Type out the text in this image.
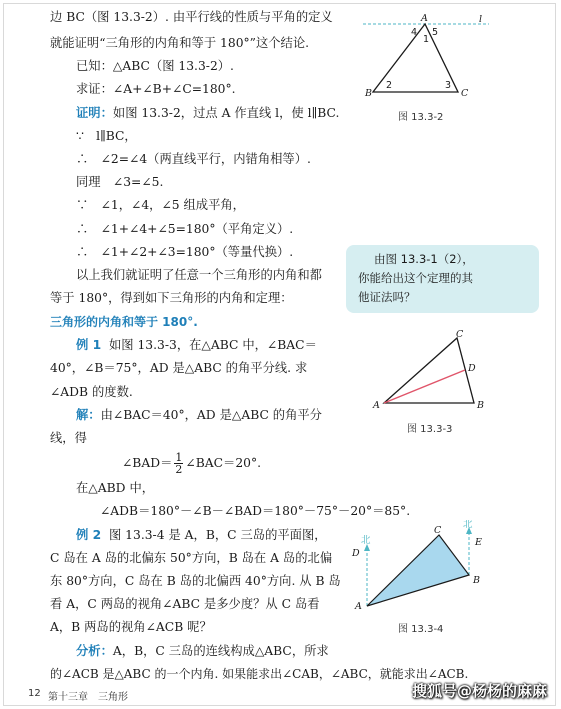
边 BC（图 13.3-2）. 由平行线的性质与平角的定义
就能证明“三角形的内角和等于 180°”这个结论.
已知：△ABC（图 13.3-2）.
求证：∠A+∠B+∠C=180°.
证明：如图 13.3-2，过点 A 作直线 l，使 l∥BC.
∵　l∥BC，
∴　∠2=∠4（两直线平行，内错角相等）.
同理　∠3=∠5.
∵　∠1，∠4，∠5 组成平角，
∴　∠1+∠4+∠5=180°（平角定义）.
∴　∠1+∠2+∠3=180°（等量代换）.
以上我们就证明了任意一个三角形的内角和都
等于 180°，得到如下三角形的内角和定理：
三角形的内角和等于 180°.
例 1 如图 13.3-3，在△ABC 中，∠BAC＝
40°，∠B＝75°，AD 是△ABC 的角平分线. 求
∠ADB 的度数.
解：由∠BAC＝40°，AD 是△ABC 的角平分
线，得
∠BAD＝ $\frac{1}{2}$ ∠BAC＝20°.
在△ABD 中，
∠ADB＝180°－∠B－∠BAD＝180°－75°－20°＝85°.
例 2 图 13.3-4 是 A，B，C 三岛的平面图，
C 岛在 A 岛的北偏东 50°方向，B 岛在 A 岛的北偏
东 80°方向，C 岛在 B 岛的北偏西 40°方向. 从 B 岛
看 A，C 两岛的视角∠ABC 是多少度？从 C 岛看
A，B 两岛的视角∠ACB 呢？
分析：A，B，C 三岛的连线构成△ABC，所求
的∠ACB 是△ABC 的一个内角. 如果能求出∠CAB，∠ABC，就能求出∠ACB.
A	l
B	C
4
1
5
2	3
图 13.3-2
由图 13.3-1（2），
你能给出这个定理的其
他证法吗？
C
D
A	B
图 13.3-3
北
北
D
C
E
A
B
图 13.3-4
12 第十三章　三角形	搜狐号@杨杨的麻麻
